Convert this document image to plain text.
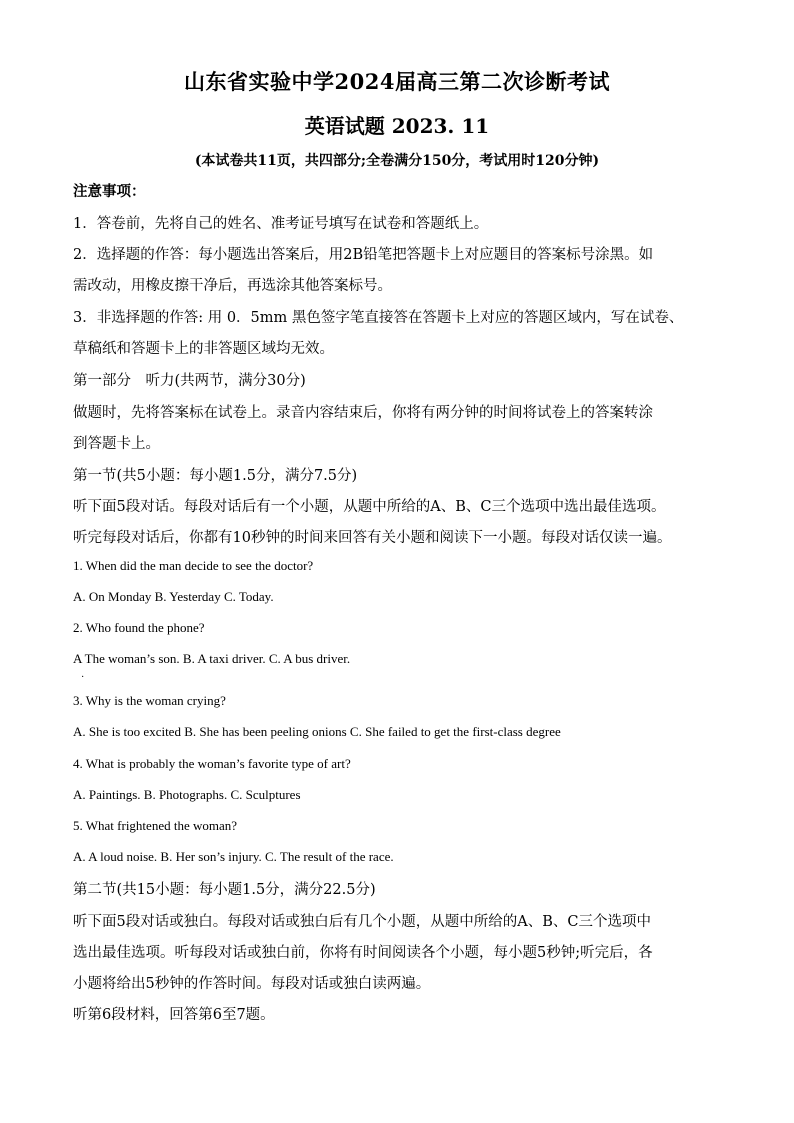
山东省实验中学2024届高三第二次诊断考试
英语试题 2023. 11
(本试卷共11页，共四部分;全卷满分150分，考试用时120分钟)
注意事项：
1．答卷前，先将自己的姓名、准考证号填写在试卷和答题纸上。
2．选择题的作答：每小题选出答案后，用2B铅笔把答题卡上对应题目的答案标号涂黑。如
需改动，用橡皮擦干净后，再选涂其他答案标号。
3．非选择题的作答: 用 0．5mm 黑色签字笔直接答在答题卡上对应的答题区域内，写在试卷、
草稿纸和答题卡上的非答题区域均无效。
第一部分　听力(共两节，满分30分)
做题时，先将答案标在试卷上。录音内容结束后，你将有两分钟的时间将试卷上的答案转涂
到答题卡上。
第一节(共5小题：每小题1.5分，满分7.5分)
听下面5段对话。每段对话后有一个小题，从题中所给的A、B、C三个选项中选出最佳选项。
听完每段对话后，你都有10秒钟的时间来回答有关小题和阅读下一小题。每段对话仅读一遍。
1. When did the man decide to see the doctor?
A. On Monday B. Yesterday C. Today.
2. Who found the phone?
A The woman’s son. B. A taxi driver. C. A bus driver.
·
3. Why is the woman crying?
A. She is too excited B. She has been peeling onions C. She failed to get the first-class degree
4. What is probably the woman’s favorite type of art?
A. Paintings. B. Photographs. C. Sculptures
5. What frightened the woman?
A. A loud noise. B. Her son’s injury. C. The result of the race.
第二节(共15小题：每小题1.5分，满分22.5分)
听下面5段对话或独白。每段对话或独白后有几个小题，从题中所给的A、B、C三个选项中
选出最佳选项。听每段对话或独白前，你将有时间阅读各个小题，每小题5秒钟;听完后，各
小题将给出5秒钟的作答时间。每段对话或独白读两遍。
听第6段材料，回答第6至7题。
